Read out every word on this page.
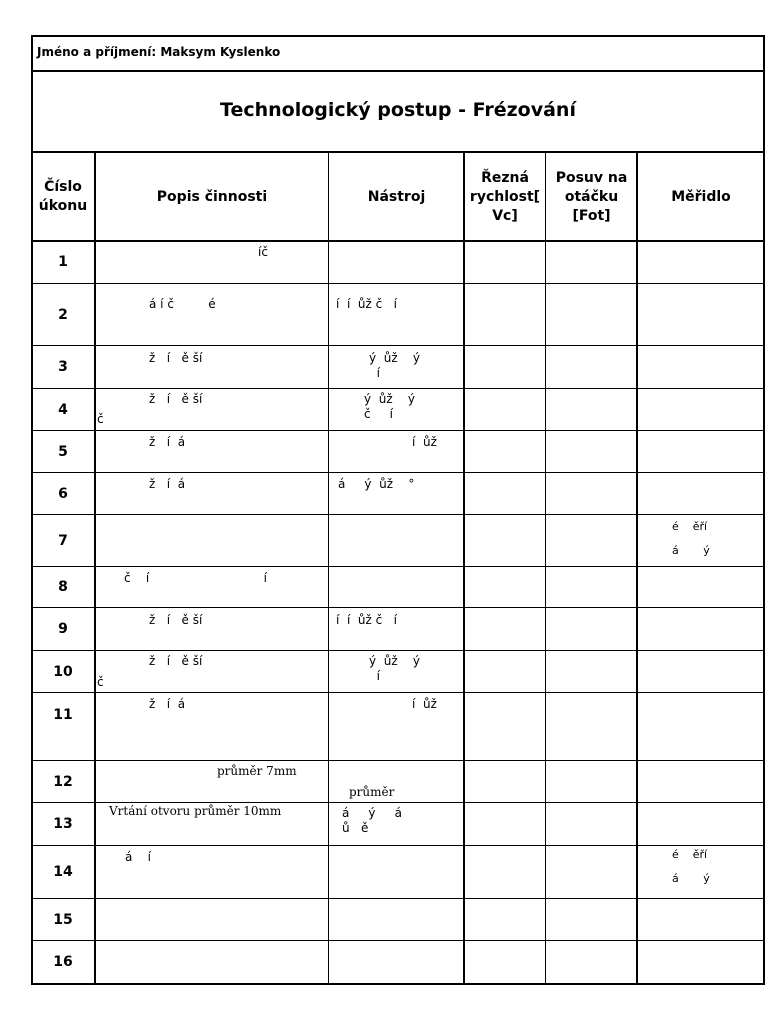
Jméno a příjmení: Maksym Kyslenko
Technologický postup - Frézování
Číslo
úkonu
Popis činnosti	Nástroj
Řezná
rychlost[
Vc]
Posuv na
otáčku
[Fot]
Měřidlo
1
2
3
4
5
6
7
8
9
10
11
12
13
14
15
16
íč
á í č         é
ž   í   ě ší
ž   í   ě ší
č
ž   í  á
ž   í  á
č    í                              í
ž   í   ě ší
ž   í   ě ší
č
ž   í  á
průměr 7mm
Vrtání otvoru průměr 10mm
á    í
í  í  ůž č   í
ý  ůž    ý
í
ý  ůž    ý
č     í
í  ůž
á     ý  ůž    °
í  í  ůž č   í
ý  ůž    ý
í
í  ůž
průměr
á     ý     á
ů   ě
é    ěří

á       ý
é    ěří

á       ý
